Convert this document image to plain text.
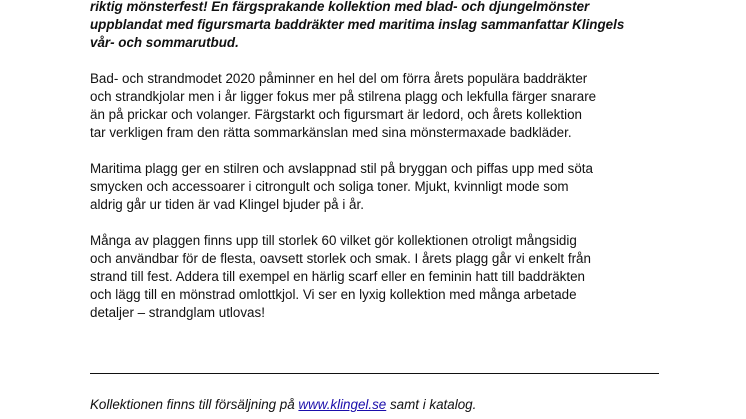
riktig mönsterfest! En färgsprakande kollektion med blad- och djungelmönster
uppblandat med figursmarta baddräkter med maritima inslag sammanfattar Klingels
vår- och sommarutbud.
Bad- och strandmodet 2020 påminner en hel del om förra årets populära baddräkter
och strandkjolar men i år ligger fokus mer på stilrena plagg och lekfulla färger snarare
än på prickar och volanger. Färgstarkt och figursmart är ledord, och årets kollektion
tar verkligen fram den rätta sommarkänslan med sina mönstermaxade badkläder.
Maritima plagg ger en stilren och avslappnad stil på bryggan och piffas upp med söta
smycken och accessoarer i citrongult och soliga toner. Mjukt, kvinnligt mode som
aldrig går ur tiden är vad Klingel bjuder på i år.
Många av plaggen finns upp till storlek 60 vilket gör kollektionen otroligt mångsidig
och användbar för de flesta, oavsett storlek och smak. I årets plagg går vi enkelt från
strand till fest. Addera till exempel en härlig scarf eller en feminin hatt till baddräkten
och lägg till en mönstrad omlottkjol. Vi ser en lyxig kollektion med många arbetade
detaljer – strandglam utlovas!
Kollektionen finns till försäljning på www.klingel.se samt i katalog.
